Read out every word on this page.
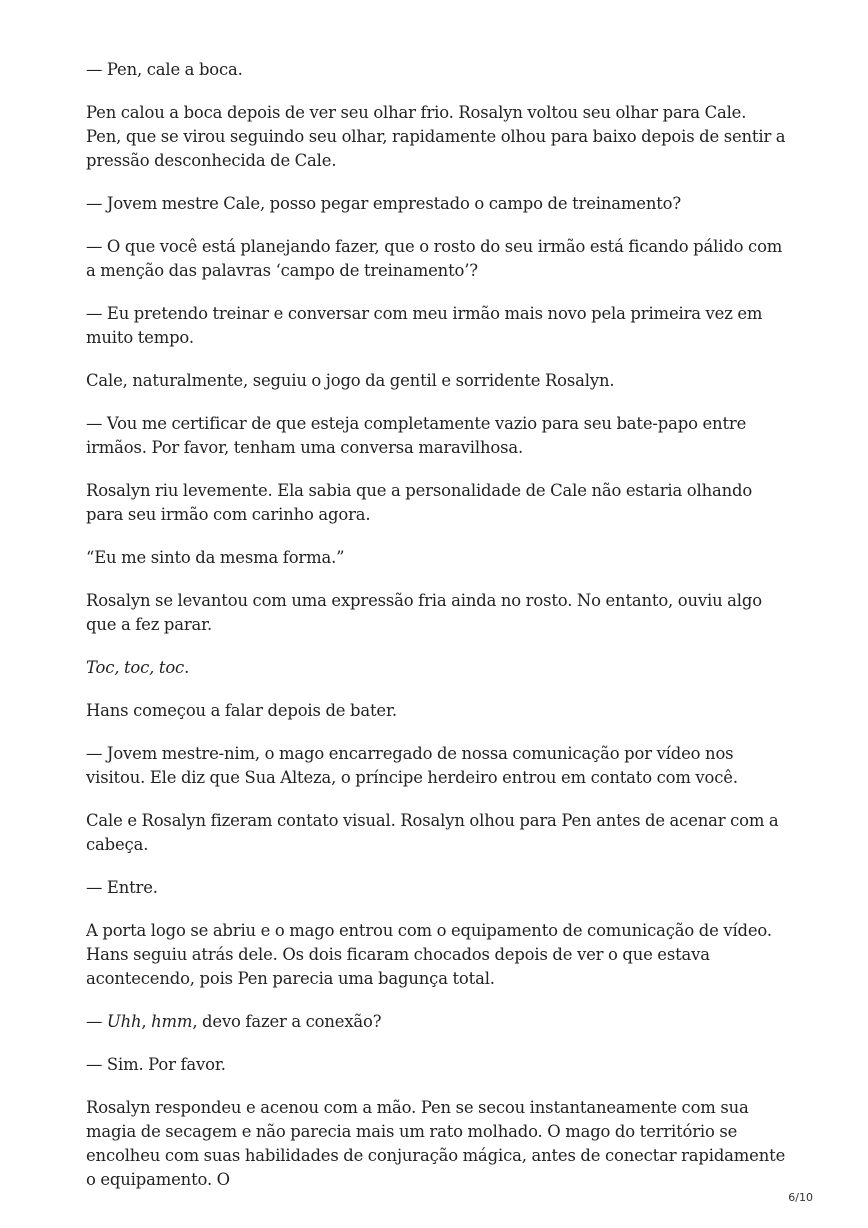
— Pen, cale a boca.

Pen calou a boca depois de ver seu olhar frio. Rosalyn voltou seu olhar para Cale. Pen, que se virou seguindo seu olhar, rapidamente olhou para baixo depois de sentir a pressão desconhecida de Cale.

— Jovem mestre Cale, posso pegar emprestado o campo de treinamento?

— O que você está planejando fazer, que o rosto do seu irmão está ficando pálido com a menção das palavras ‘campo de treinamento’?

— Eu pretendo treinar e conversar com meu irmão mais novo pela primeira vez em muito tempo.

Cale, naturalmente, seguiu o jogo da gentil e sorridente Rosalyn.

— Vou me certificar de que esteja completamente vazio para seu bate-papo entre irmãos. Por favor, tenham uma conversa maravilhosa.

Rosalyn riu levemente. Ela sabia que a personalidade de Cale não estaria olhando para seu irmão com carinho agora.

“Eu me sinto da mesma forma.”

Rosalyn se levantou com uma expressão fria ainda no rosto. No entanto, ouviu algo que a fez parar.

Toc, toc, toc.

Hans começou a falar depois de bater.

— Jovem mestre-nim, o mago encarregado de nossa comunicação por vídeo nos visitou. Ele diz que Sua Alteza, o príncipe herdeiro entrou em contato com você.

Cale e Rosalyn fizeram contato visual. Rosalyn olhou para Pen antes de acenar com a cabeça.

— Entre.

A porta logo se abriu e o mago entrou com o equipamento de comunicação de vídeo. Hans seguiu atrás dele. Os dois ficaram chocados depois de ver o que estava acontecendo, pois Pen parecia uma bagunça total.

— Uhh, hmm, devo fazer a conexão?

— Sim. Por favor.

Rosalyn respondeu e acenou com a mão. Pen se secou instantaneamente com sua magia de secagem e não parecia mais um rato molhado. O mago do território se encolheu com suas habilidades de conjuração mágica, antes de conectar rapidamente o equipamento. O

6/10
